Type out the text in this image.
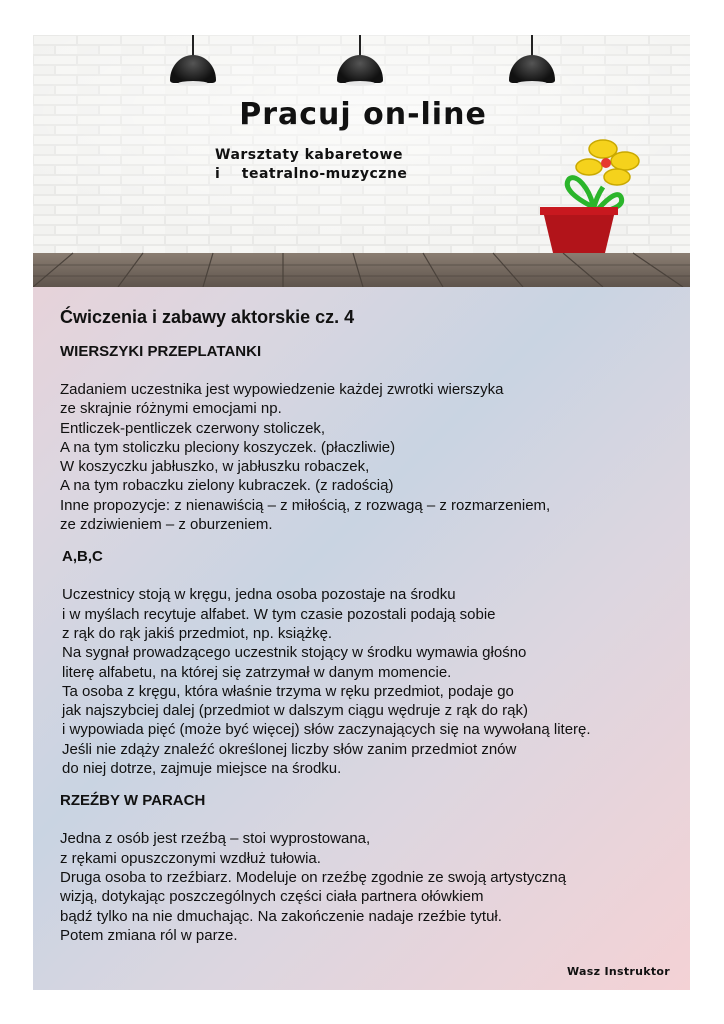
Pracuj on-line
Warsztaty kabaretowe
i    teatralno-muzyczne
Ćwiczenia i zabawy aktorskie cz. 4
WIERSZYKI PRZEPLATANKI

Zadaniem uczestnika jest wypowiedzenie każdej zwrotki wierszyka
ze skrajnie różnymi emocjami np.
Entliczek-pentliczek czerwony stoliczek,
A na tym stoliczku pleciony koszyczek. (płaczliwie)
W koszyczku jabłuszko, w jabłuszku robaczek,
A na tym robaczku zielony kubraczek. (z radością)
Inne propozycje: z nienawiścią – z miłością, z rozwagą – z rozmarzeniem,
ze zdziwieniem – z oburzeniem.

A,B,C

Uczestnicy stoją w kręgu, jedna osoba pozostaje na środku
i w myślach recytuje alfabet. W tym czasie pozostali podają sobie
z rąk do rąk jakiś przedmiot, np. książkę.
Na sygnał prowadzącego uczestnik stojący w środku wymawia głośno
literę alfabetu, na której się zatrzymał w danym momencie.
Ta osoba z kręgu, która właśnie trzyma w ręku przedmiot, podaje go
jak najszybciej dalej (przedmiot w dalszym ciągu wędruje z rąk do rąk)
i wypowiada pięć (może być więcej) słów zaczynających się na wywołaną literę.
Jeśli nie zdąży znaleźć określonej liczby słów zanim przedmiot znów
do niej dotrze, zajmuje miejsce na środku.

RZEŹBY W PARACH

Jedna z osób jest rzeźbą – stoi wyprostowana,
z rękami opuszczonymi wzdłuż tułowia.
Druga osoba to rzeźbiarz. Modeluje on rzeźbę zgodnie ze swoją artystyczną
wizją, dotykając poszczególnych części ciała partnera ołówkiem
bądź tylko na nie dmuchając. Na zakończenie nadaje rzeźbie tytuł.
Potem zmiana ról w parze.

Wasz Instruktor
